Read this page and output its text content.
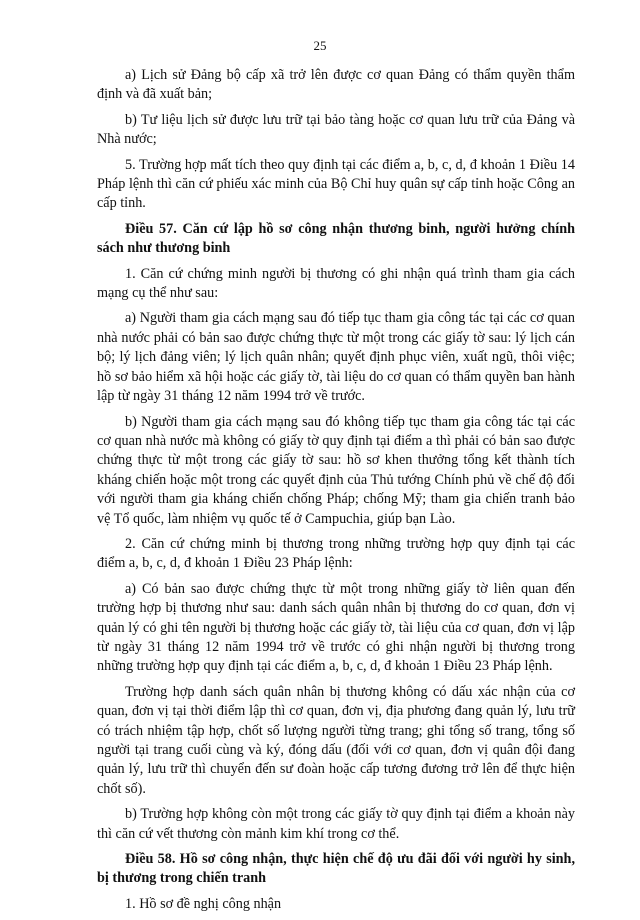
25

a) Lịch sử Đảng bộ cấp xã trở lên được cơ quan Đảng có thẩm quyền thẩm định và đã xuất bản;

b) Tư liệu lịch sử được lưu trữ tại bảo tàng hoặc cơ quan lưu trữ của Đảng và Nhà nước;

5. Trường hợp mất tích theo quy định tại các điểm a, b, c, d, đ khoản 1 Điều 14 Pháp lệnh thì căn cứ phiếu xác minh của Bộ Chỉ huy quân sự cấp tỉnh hoặc Công an cấp tỉnh.

Điều 57. Căn cứ lập hồ sơ công nhận thương binh, người hưởng chính sách như thương binh

1. Căn cứ chứng minh người bị thương có ghi nhận quá trình tham gia cách mạng cụ thể như sau:

a) Người tham gia cách mạng sau đó tiếp tục tham gia công tác tại các cơ quan nhà nước phải có bản sao được chứng thực từ một trong các giấy tờ sau: lý lịch cán bộ; lý lịch đảng viên; lý lịch quân nhân; quyết định phục viên, xuất ngũ, thôi việc; hồ sơ bảo hiểm xã hội hoặc các giấy tờ, tài liệu do cơ quan có thẩm quyền ban hành lập từ ngày 31 tháng 12 năm 1994 trở về trước.

b) Người tham gia cách mạng sau đó không tiếp tục tham gia công tác tại các cơ quan nhà nước mà không có giấy tờ quy định tại điểm a thì phải có bản sao được chứng thực từ một trong các giấy tờ sau: hồ sơ khen thưởng tổng kết thành tích kháng chiến hoặc một trong các quyết định của Thủ tướng Chính phủ về chế độ đối với người tham gia kháng chiến chống Pháp; chống Mỹ; tham gia chiến tranh bảo vệ Tổ quốc, làm nhiệm vụ quốc tế ở Campuchia, giúp bạn Lào.

2. Căn cứ chứng minh bị thương trong những trường hợp quy định tại các điểm a, b, c, d, đ khoản 1 Điều 23 Pháp lệnh:

a) Có bản sao được chứng thực từ một trong những giấy tờ liên quan đến trường hợp bị thương như sau: danh sách quân nhân bị thương do cơ quan, đơn vị quản lý có ghi tên người bị thương hoặc các giấy tờ, tài liệu của cơ quan, đơn vị lập từ ngày 31 tháng 12 năm 1994 trở về trước có ghi nhận người bị thương trong những trường hợp quy định tại các điểm a, b, c, d, đ khoản 1 Điều 23 Pháp lệnh.

Trường hợp danh sách quân nhân bị thương không có dấu xác nhận của cơ quan, đơn vị tại thời điểm lập thì cơ quan, đơn vị, địa phương đang quản lý, lưu trữ có trách nhiệm tập hợp, chốt số lượng người từng trang; ghi tổng số trang, tổng số người tại trang cuối cùng và ký, đóng dấu (đối với cơ quan, đơn vị quân đội đang quản lý, lưu trữ thì chuyển đến sư đoàn hoặc cấp tương đương trở lên để thực hiện chốt số).

b) Trường hợp không còn một trong các giấy tờ quy định tại điểm a khoản này thì căn cứ vết thương còn mảnh kim khí trong cơ thể.

Điều 58. Hồ sơ công nhận, thực hiện chế độ ưu đãi đối với người hy sinh, bị thương trong chiến tranh

1. Hồ sơ đề nghị công nhận
